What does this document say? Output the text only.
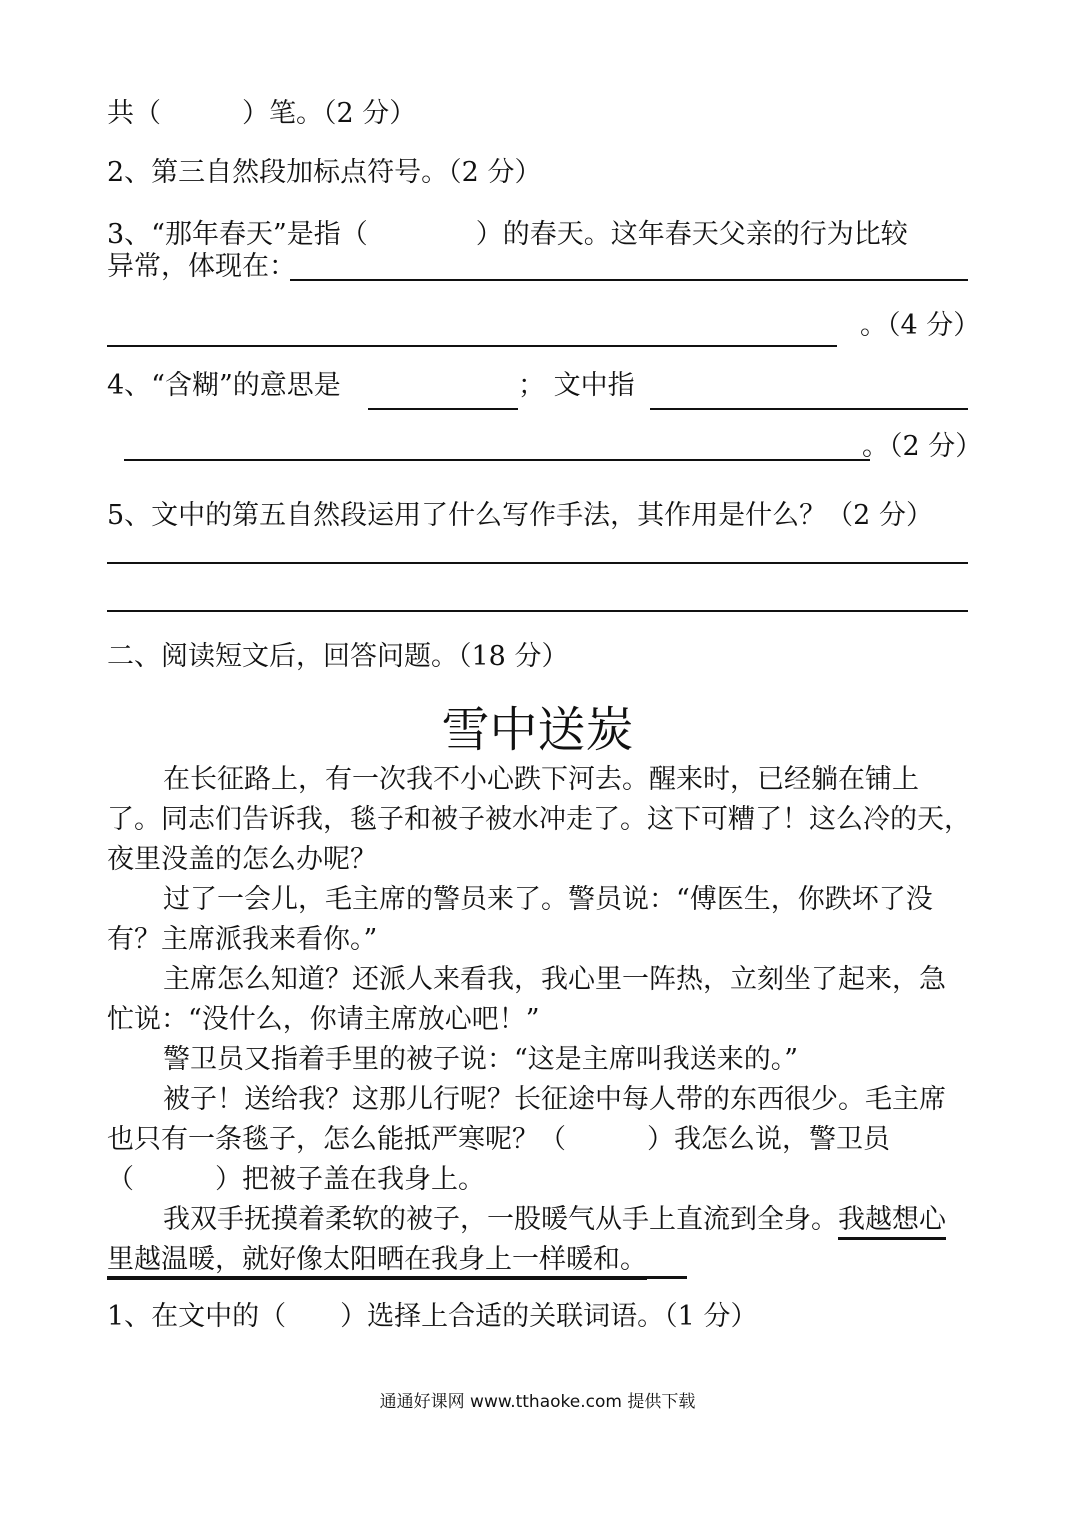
共（　　　）笔。（2 分）
2、第三自然段加标点符号。（2 分）
3、“那年春天”是指（　　　　）的春天。这年春天父亲的行为比较
异常，体现在：
。（4 分）
4、“含糊”的意思是	； 文中指
。（2 分）
5、文中的第五自然段运用了什么写作手法，其作用是什么？（2 分）
二、阅读短文后，回答问题。（18 分）
雪中送炭
在长征路上，有一次我不小心跌下河去。醒来时，已经躺在铺上了。同志们告诉我，毯子和被子被水冲走了。这下可糟了！这么冷的天，夜里没盖的怎么办呢？
过了一会儿，毛主席的警员来了。警员说：“傅医生，你跌坏了没有？主席派我来看你。”
主席怎么知道？还派人来看我，我心里一阵热，立刻坐了起来，急忙说：“没什么，你请主席放心吧！”
警卫员又指着手里的被子说：“这是主席叫我送来的。”
被子！送给我？这那儿行呢？长征途中每人带的东西很少。毛主席也只有一条毯子，怎么能抵严寒呢？（　　　）我怎么说，警卫员（　　　）把被子盖在我身上。
我双手抚摸着柔软的被子，一股暖气从手上直流到全身。我越想心里越温暖，就好像太阳晒在我身上一样暖和。
1、在文中的（　　）选择上合适的关联词语。（1 分）
通通好课网 www.tthaoke.com 提供下载
